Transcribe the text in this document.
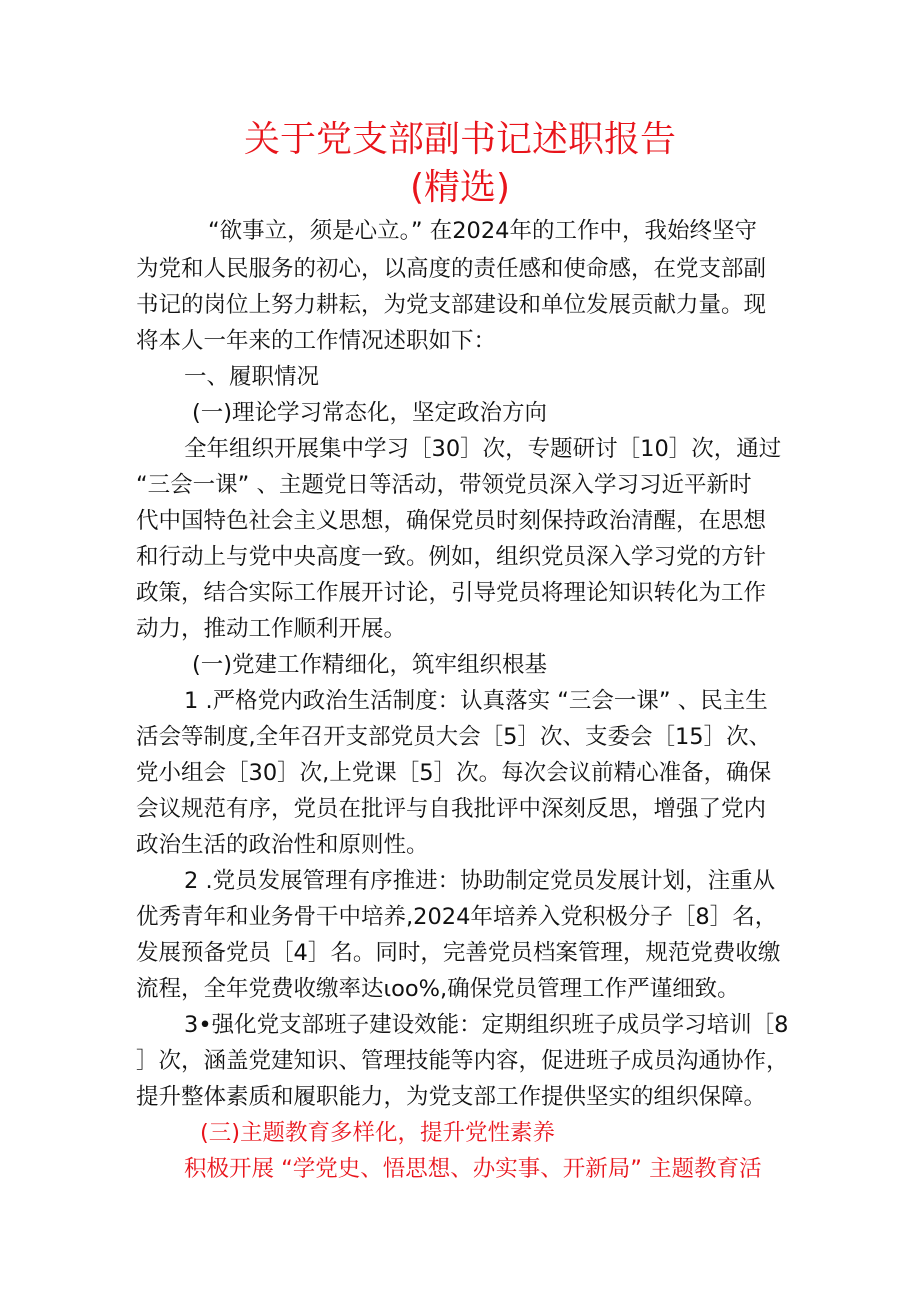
关于党支部副书记述职报告
(精选)
“欲事立，须是心立。” 在2024年的工作中，我始终坚守
为党和人民服务的初心，以高度的责任感和使命感，在党支部副
书记的岗位上努力耕耘，为党支部建设和单位发展贡献力量。现
将本人一年来的工作情况述职如下：
一、履职情况
(一)理论学习常态化，坚定政治方向
全年组织开展集中学习［30］次，专题研讨［10］次，通过
“三会一课” 、主题党日等活动，带领党员深入学习习近平新时
代中国特色社会主义思想，确保党员时刻保持政治清醒，在思想
和行动上与党中央高度一致。例如，组织党员深入学习党的方针
政策，结合实际工作展开讨论，引导党员将理论知识转化为工作
动力，推动工作顺利开展。
(一)党建工作精细化，筑牢组织根基
1 .严格党内政治生活制度：认真落实 “三会一课” 、民主生
活会等制度,全年召开支部党员大会［5］次、支委会［15］次、
党小组会［30］次,上党课［5］次。每次会议前精心准备，确保
会议规范有序，党员在批评与自我批评中深刻反思，增强了党内
政治生活的政治性和原则性。
2 .党员发展管理有序推进：协助制定党员发展计划，注重从
优秀青年和业务骨干中培养,2024年培养入党积极分子［8］名，
发展预备党员［4］名。同时，完善党员档案管理，规范党费收缴
流程，全年党费收缴率达ιoo%,确保党员管理工作严谨细致。
3•强化党支部班子建设效能：定期组织班子成员学习培训［8
］次，涵盖党建知识、管理技能等内容，促进班子成员沟通协作，
提升整体素质和履职能力，为党支部工作提供坚实的组织保障。
(三)主题教育多样化，提升党性素养
积极开展 “学党史、悟思想、办实事、开新局” 主题教育活
